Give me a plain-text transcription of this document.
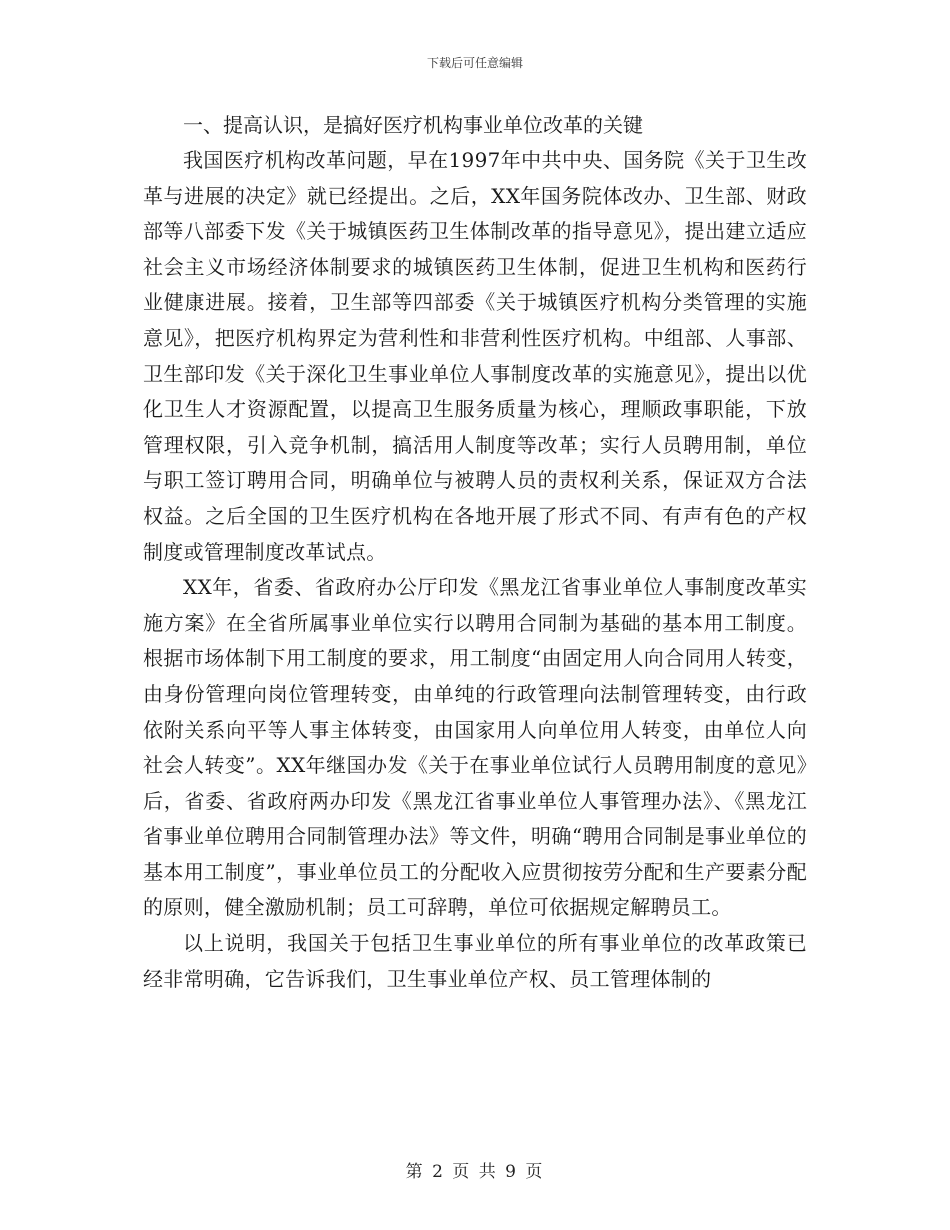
下载后可任意编辑
一、提高认识，是搞好医疗机构事业单位改革的关键

我国医疗机构改革问题，早在1997年中共中央、国务院《关于卫生改革与进展的决定》就已经提出。之后，XX年国务院体改办、卫生部、财政部等八部委下发《关于城镇医药卫生体制改革的指导意见》，提出建立适应社会主义市场经济体制要求的城镇医药卫生体制，促进卫生机构和医药行业健康进展。接着，卫生部等四部委《关于城镇医疗机构分类管理的实施意见》，把医疗机构界定为营利性和非营利性医疗机构。中组部、人事部、卫生部印发《关于深化卫生事业单位人事制度改革的实施意见》，提出以优化卫生人才资源配置，以提高卫生服务质量为核心，理顺政事职能，下放管理权限，引入竞争机制，搞活用人制度等改革；实行人员聘用制，单位与职工签订聘用合同，明确单位与被聘人员的责权利关系，保证双方合法权益。之后全国的卫生医疗机构在各地开展了形式不同、有声有色的产权制度或管理制度改革试点。

XX年，省委、省政府办公厅印发《黑龙江省事业单位人事制度改革实施方案》在全省所属事业单位实行以聘用合同制为基础的基本用工制度。根据市场体制下用工制度的要求，用工制度“由固定用人向合同用人转变，由身份管理向岗位管理转变，由单纯的行政管理向法制管理转变，由行政依附关系向平等人事主体转变，由国家用人向单位用人转变，由单位人向社会人转变”。XX年继国办发《关于在事业单位试行人员聘用制度的意见》后，省委、省政府两办印发《黑龙江省事业单位人事管理办法》、《黑龙江省事业单位聘用合同制管理办法》等文件，明确“聘用合同制是事业单位的基本用工制度”，事业单位员工的分配收入应贯彻按劳分配和生产要素分配的原则，健全激励机制；员工可辞聘，单位可依据规定解聘员工。

以上说明，我国关于包括卫生事业单位的所有事业单位的改革政策已经非常明确，它告诉我们，卫生事业单位产权、员工管理体制的

第 2 页 共 9 页
